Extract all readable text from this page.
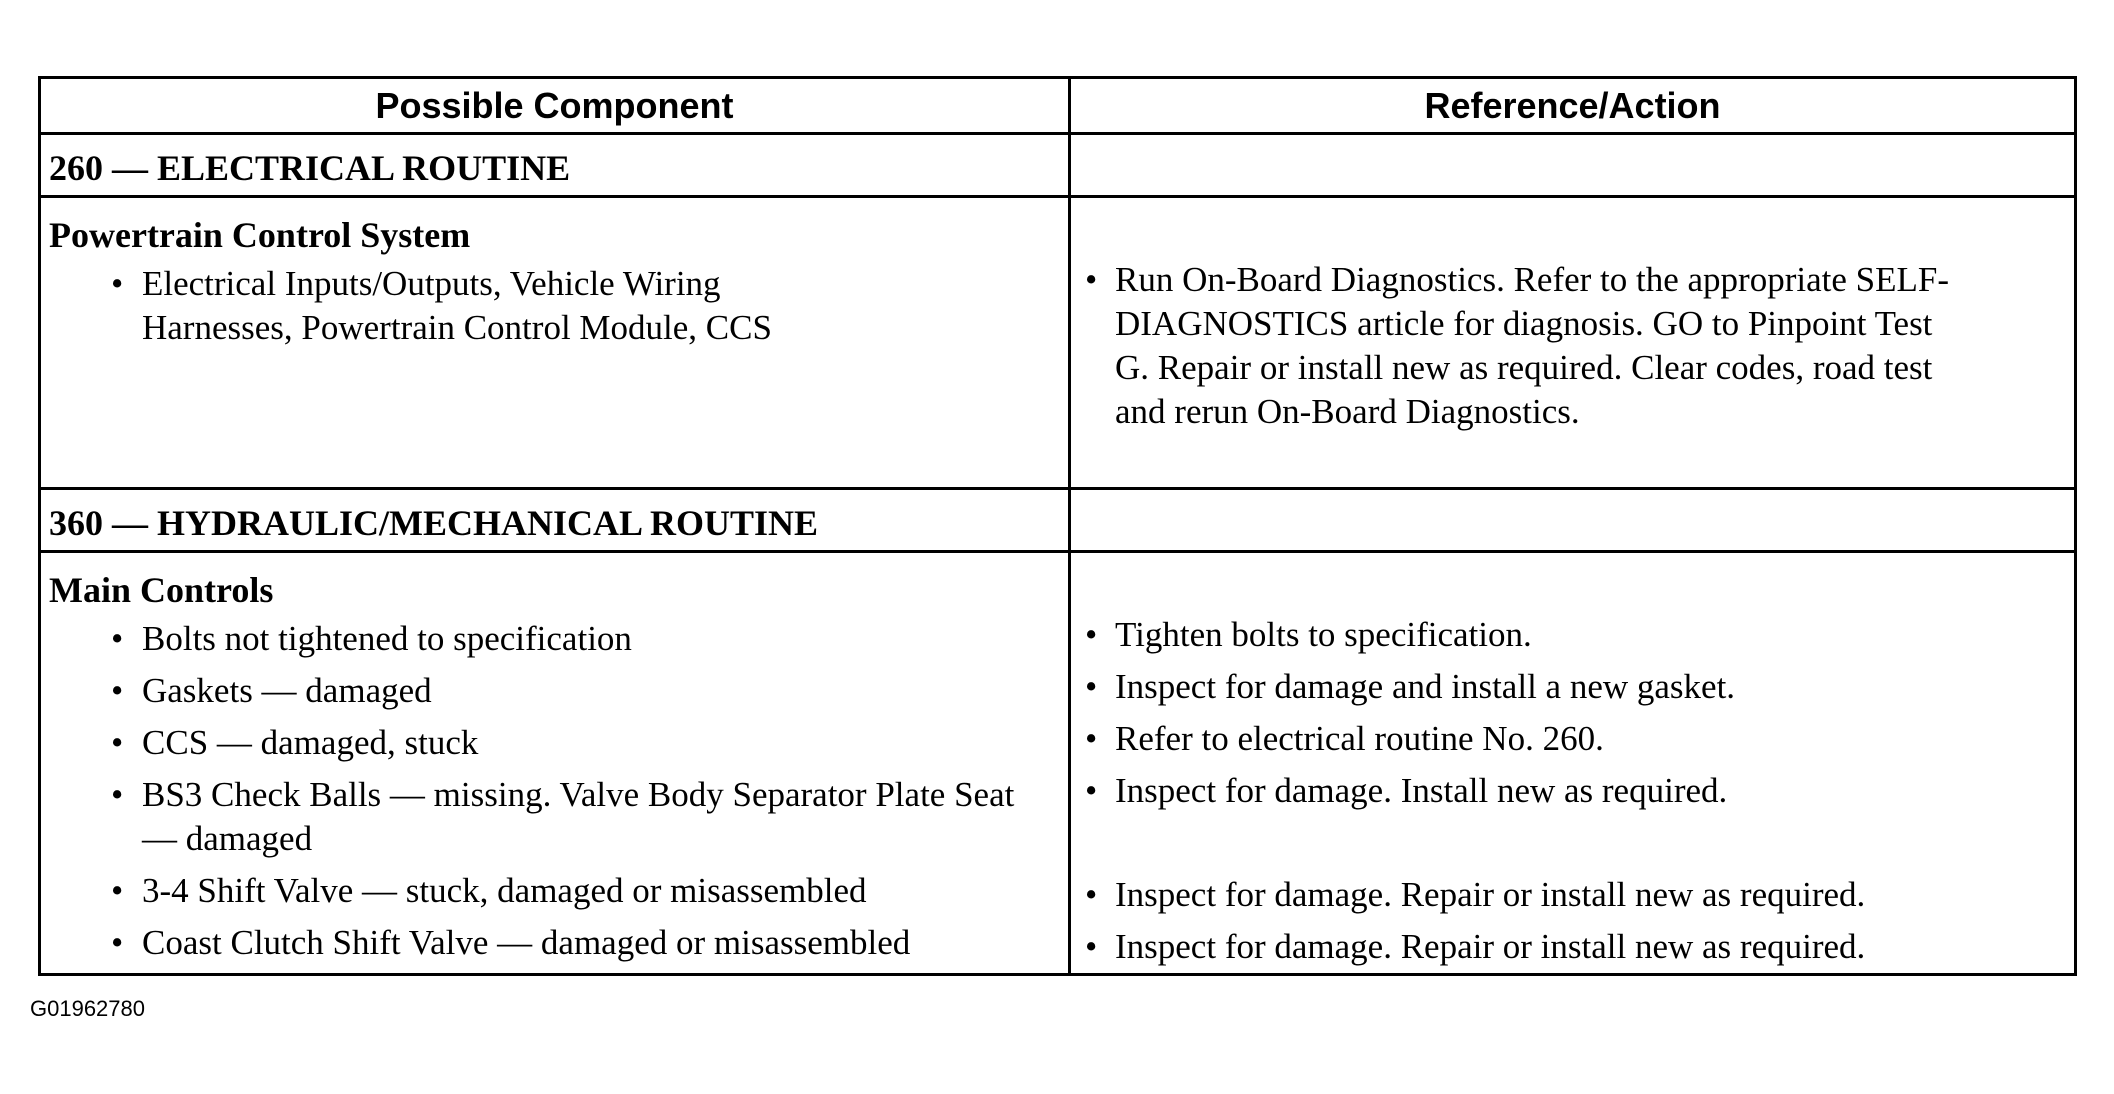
Possible Component	Reference/Action
260 — ELECTRICAL ROUTINE
Powertrain Control System
• Electrical Inputs/Outputs, Vehicle Wiring Harnesses, Powertrain Control Module, CCS
• Run On-Board Diagnostics. Refer to the appropriate SELF-DIAGNOSTICS article for diagnosis. GO to Pinpoint Test G. Repair or install new as required. Clear codes, road test and rerun On-Board Diagnostics.
360 — HYDRAULIC/MECHANICAL ROUTINE
Main Controls
• Bolts not tightened to specification
• Gaskets — damaged
• CCS — damaged, stuck
• BS3 Check Balls — missing. Valve Body Separator Plate Seat — damaged
• 3-4 Shift Valve — stuck, damaged or misassembled
• Coast Clutch Shift Valve — damaged or misassembled
• Tighten bolts to specification.
• Inspect for damage and install a new gasket.
• Refer to electrical routine No. 260.
• Inspect for damage. Install new as required.
• Inspect for damage. Repair or install new as required.
• Inspect for damage. Repair or install new as required.
G01962780
